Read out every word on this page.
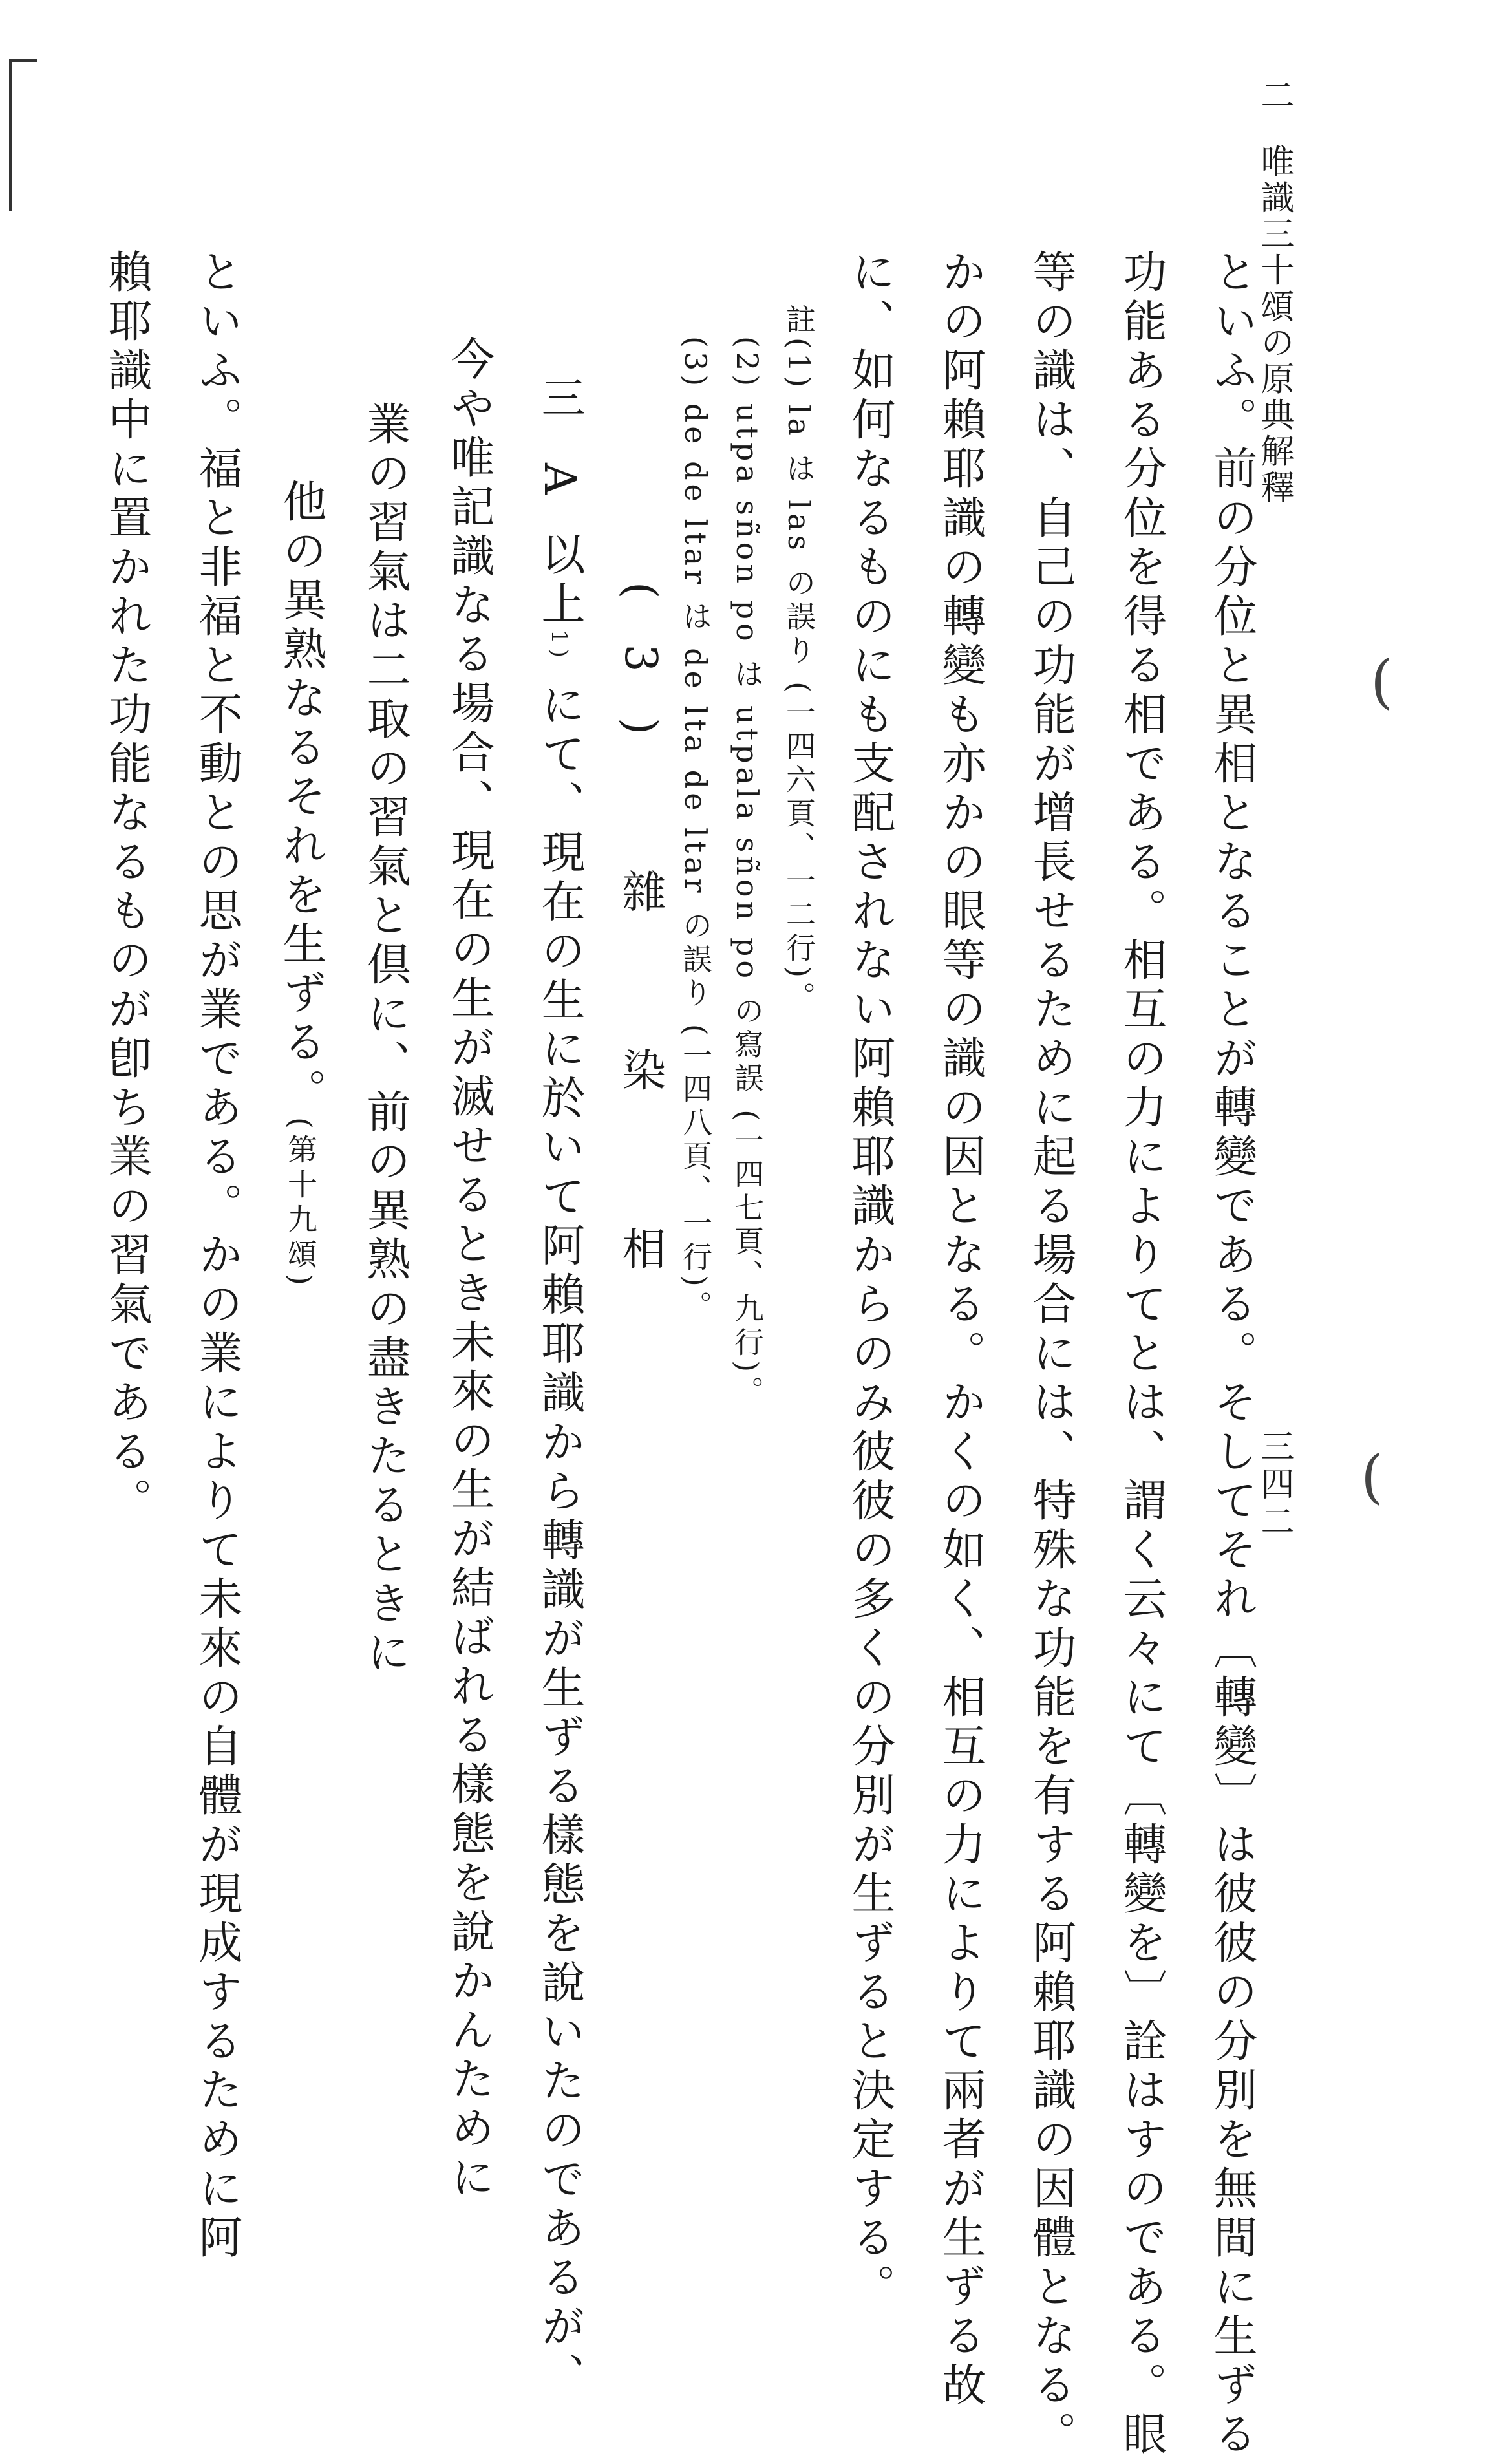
(
(
二 唯識三十頌の原典解釋
三四二
といふ。前の分位と異相となることが轉變である。そしてそれ〔轉變〕は彼彼の分別を無間に生ずる
功能ある分位を得る相である。相互の力によりてとは、謂く云々にて〔轉變を〕詮はすのである。眼
等の識は、自己の功能が增長せるために起る場合には、特殊な功能を有する阿賴耶識の因體となる。
かの阿賴耶識の轉變も亦かの眼等の識の因となる。かくの如く、相互の力によりて兩者が生ずる故
に、如何なるものにも支配されない阿賴耶識からのみ彼彼の多くの分別が生ずると決定する。
註(1) la は las の誤り (一四六頁、一二行)。
(2) utpa sñon po は utpala sñon po の寫誤 (一四七頁、九行)。
(3) de de ltar は de lta de ltar の誤り (一四八頁、一行)。
(3)　雜　染　相
三 A 以上1) にて、現在の生に於いて阿賴耶識から轉識が生ずる樣態を說いたのであるが、
今や唯記識なる場合、現在の生が滅せるとき未來の生が結ばれる樣態を說かんために
業の習氣は二取の習氣と倶に、前の異熟の盡きたるときに
他の異熟なるそれを生ずる。(第十九頌)
といふ。福と非福と不動との思が業である。かの業によりて未來の自體が現成するために阿
賴耶識中に置かれた功能なるものが卽ち業の習氣である。
